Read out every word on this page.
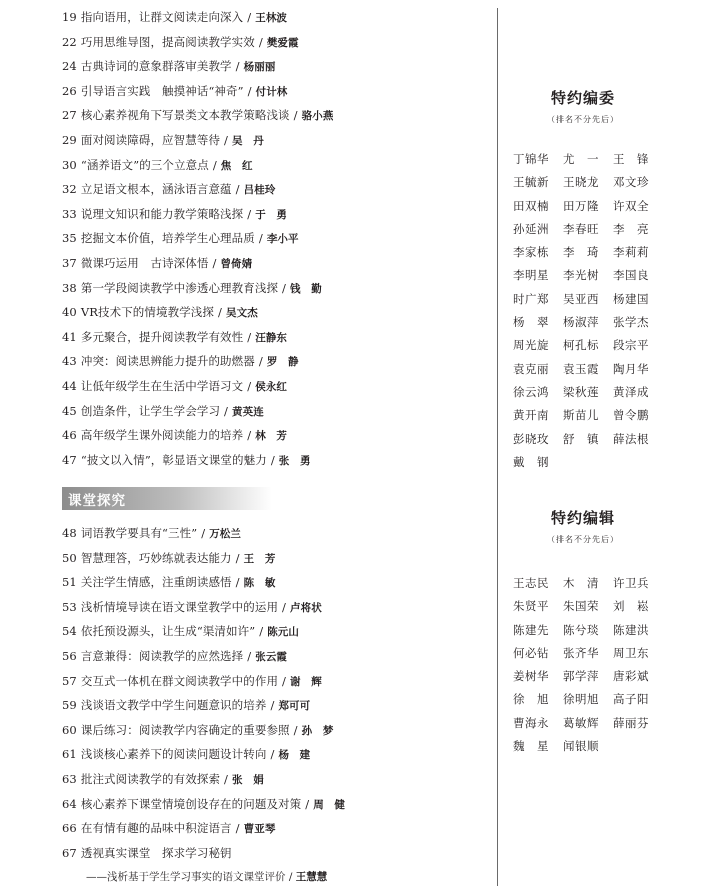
19 指向语用，让群文阅读走向深入 / 王林波
22 巧用思维导图，提高阅读教学实效 / 樊爱霞
24 古典诗词的意象群落审美教学 / 杨丽丽
26 引导语言实践　触摸神话“神奇” / 付计林
27 核心素养视角下写景类文本教学策略浅谈 / 骆小燕
29 面对阅读障碍，应智慧等待 / 吴　丹
30 “涵养语文”的三个立意点 / 焦　红
32 立足语文根本，涵泳语言意蕴 / 吕桂玲
33 说理文知识和能力教学策略浅探 / 于　勇
35 挖掘文本价值，培养学生心理品质 / 李小平
37 微课巧运用　古诗深体悟 / 曾倚婧
38 第一学段阅读教学中渗透心理教育浅探 / 钱　勤
40 VR技术下的情境教学浅探 / 吴文杰
41 多元聚合，提升阅读教学有效性 / 汪静东
43 冲突：阅读思辨能力提升的助燃器 / 罗　静
44 让低年级学生在生活中学语习文 / 侯永红
45 创造条件，让学生学会学习 / 黄英连
46 高年级学生课外阅读能力的培养 / 林　芳
47 “披文以入情”，彰显语文课堂的魅力 / 张　勇
课堂探究
48 词语教学要具有“三性” / 万松兰
50 智慧理答，巧妙练就表达能力 / 王　芳
51 关注学生情感，注重朗读感悟 / 陈　敏
53 浅析情境导读在语文课堂教学中的运用 / 卢将状
54 依托预设源头，让生成“渠清如许” / 陈元山
56 言意兼得：阅读教学的应然选择 / 张云霞
57 交互式一体机在群文阅读教学中的作用 / 谢　辉
59 浅谈语文教学中学生问题意识的培养 / 郑可可
60 课后练习：阅读教学内容确定的重要参照 / 孙　梦
61 浅谈核心素养下的阅读问题设计转向 / 杨　建
63 批注式阅读教学的有效探索 / 张　娟
64 核心素养下课堂情境创设存在的问题及对策 / 周　健
66 在有情有趣的品味中积淀语言 / 曹亚琴
67 透视真实课堂　探求学习秘钥
——浅析基于学生学习事实的语文课堂评价 / 王慧慧
特约编委
（排名不分先后）
丁锦华 尤　一 王　锋
王毓新 王晓龙 邓文珍
田双楠 田万隆 许双全
孙延洲 李春旺 李　亮
李家栋 李　琦 李莉莉
李明星 李光树 李国良
时广郑 吴亚西 杨建国
杨　翠 杨淑萍 张学杰
周光旋 柯孔标 段宗平
袁克丽 袁玉霞 陶月华
徐云鸿 梁秋莲 黄泽成
黄开南 斯苗儿 曾令鹏
彭晓玫 舒　镇 薛法根
戴　钢
特约编辑
（排名不分先后）
王志民 木　清 许卫兵
朱贤平 朱国荣 刘　崧
陈建先 陈兮琰 陈建洪
何必钻 张齐华 周卫东
姜树华 郭学萍 唐彩斌
徐　旭 徐明旭 高子阳
曹海永 葛敏辉 薛丽芬
魏　星 闻银顺
